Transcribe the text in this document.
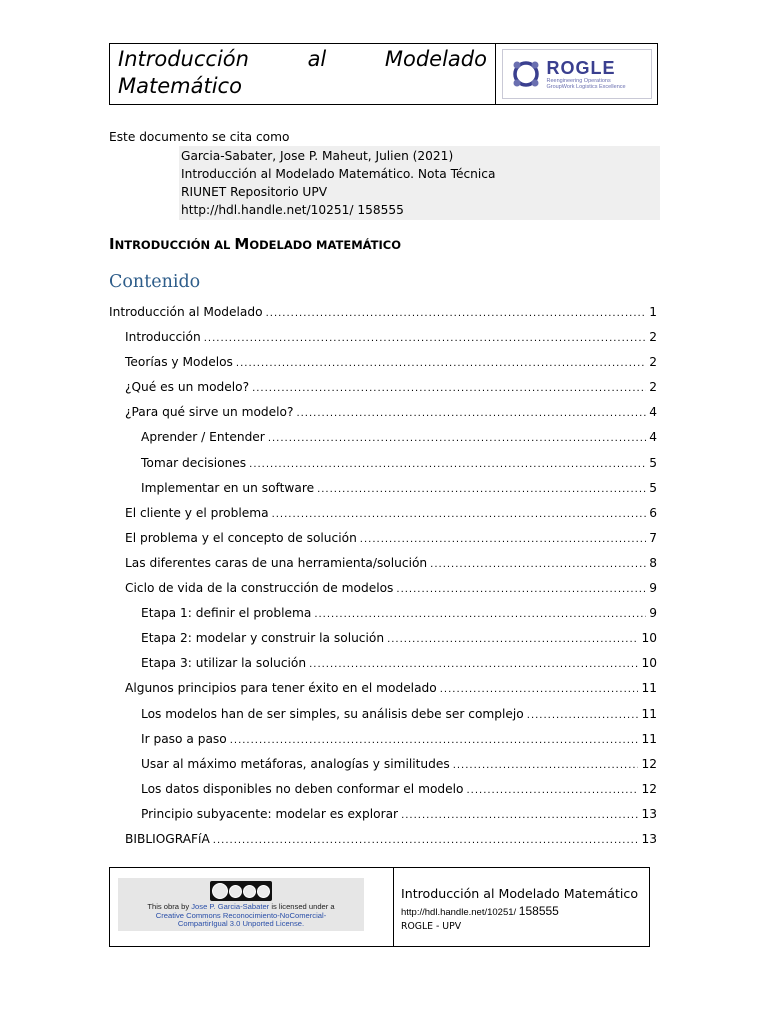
Introducción	al	Modelado
Matemático
ROGLE
Reengineering Operations
GroupWork Logistics Excellence
Este documento se cita como
Garcia-Sabater, Jose P. Maheut, Julien (2021)
Introducción al Modelado Matemático. Nota Técnica
RIUNET Repositorio UPV
http://hdl.handle.net/10251/ 158555
INTRODUCCIÓN AL MODELADO MATEMÁTICO
Contenido
Introducción al Modelado .....	1
Introducción .....	2
Teorías y Modelos .....	2
¿Qué es un modelo? .....	2
¿Para qué sirve un modelo? .....	4
Aprender / Entender .....	4
Tomar decisiones .....	5
Implementar en un software .....	5
El cliente y el problema .....	6
El problema y el concepto de solución .....	7
Las diferentes caras de una herramienta/solución .....	8
Ciclo de vida de la construcción de modelos .....	9
Etapa 1: definir el problema .....	9
Etapa 2: modelar y construir la solución .....	10
Etapa 3: utilizar la solución .....	10
Algunos principios para tener éxito en el modelado .....	11
Los modelos han de ser simples, su análisis debe ser complejo .....	11
Ir paso a paso .....	11
Usar al máximo metáforas, analogías y similitudes .....	12
Los datos disponibles no deben conformar el modelo .....	12
Principio subyacente: modelar es explorar .....	13
BIBLIOGRAFíA .....	13
This obra by Jose P. Garcia-Sabater is licensed under a
Creative Commons Reconocimiento-NoComercial-
CompartirIgual 3.0 Unported License.
Introducción al Modelado Matemático
http://hdl.handle.net/10251/ 158555
ROGLE - UPV
